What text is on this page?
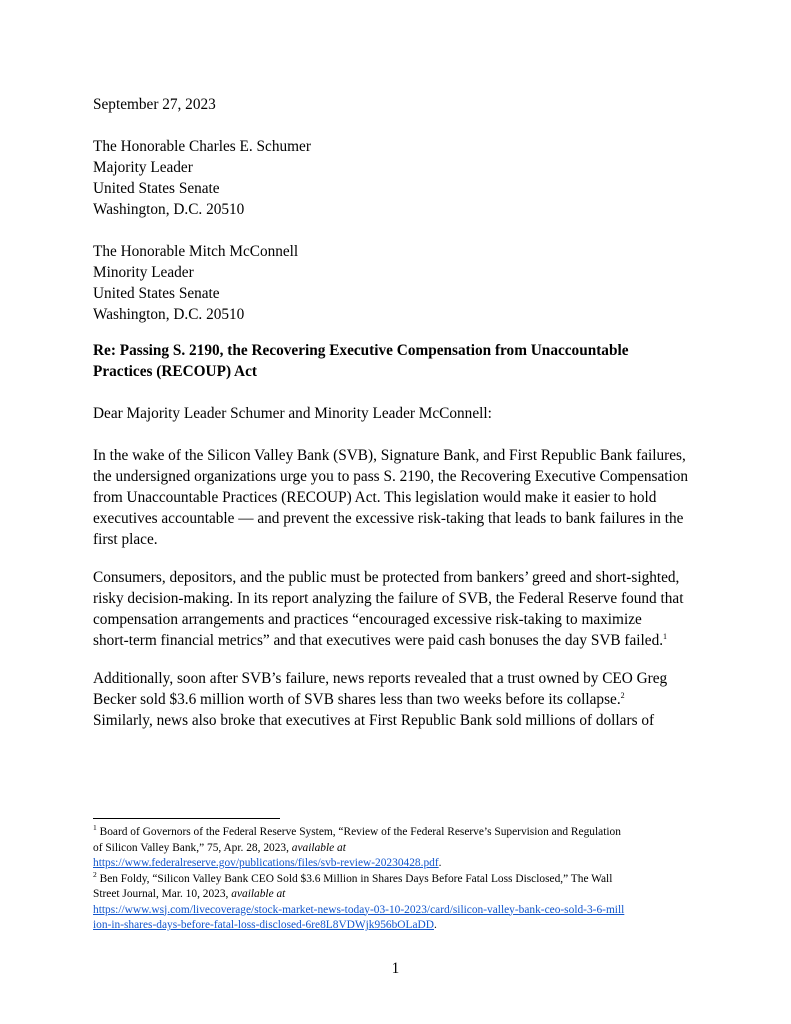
September 27, 2023
The Honorable Charles E. Schumer
Majority Leader
United States Senate
Washington, D.C. 20510
The Honorable Mitch McConnell
Minority Leader
United States Senate
Washington, D.C. 20510
Re: Passing S. 2190, the Recovering Executive Compensation from Unaccountable
Practices (RECOUP) Act
Dear Majority Leader Schumer and Minority Leader McConnell:
In the wake of the Silicon Valley Bank (SVB), Signature Bank, and First Republic Bank failures,
the undersigned organizations urge you to pass S. 2190, the Recovering Executive Compensation
from Unaccountable Practices (RECOUP) Act. This legislation would make it easier to hold
executives accountable — and prevent the excessive risk-taking that leads to bank failures in the
first place.
Consumers, depositors, and the public must be protected from bankers’ greed and short-sighted,
risky decision-making. In its report analyzing the failure of SVB, the Federal Reserve found that
compensation arrangements and practices “encouraged excessive risk-taking to maximize
short-term financial metrics” and that executives were paid cash bonuses the day SVB failed.$^1$
Additionally, soon after SVB’s failure, news reports revealed that a trust owned by CEO Greg
Becker sold $3.6 million worth of SVB shares less than two weeks before its collapse.$^2$
Similarly, news also broke that executives at First Republic Bank sold millions of dollars of
$^1$ Board of Governors of the Federal Reserve System, “Review of the Federal Reserve’s Supervision and Regulation
of Silicon Valley Bank,” 75, Apr. 28, 2023, available at
https://www.federalreserve.gov/publications/files/svb-review-20230428.pdf.
$^2$ Ben Foldy, “Silicon Valley Bank CEO Sold $3.6 Million in Shares Days Before Fatal Loss Disclosed,” The Wall
Street Journal, Mar. 10, 2023, available at
https://www.wsj.com/livecoverage/stock-market-news-today-03-10-2023/card/silicon-valley-bank-ceo-sold-3-6-mill
ion-in-shares-days-before-fatal-loss-disclosed-6re8L8VDWjk956bOLaDD.
1
